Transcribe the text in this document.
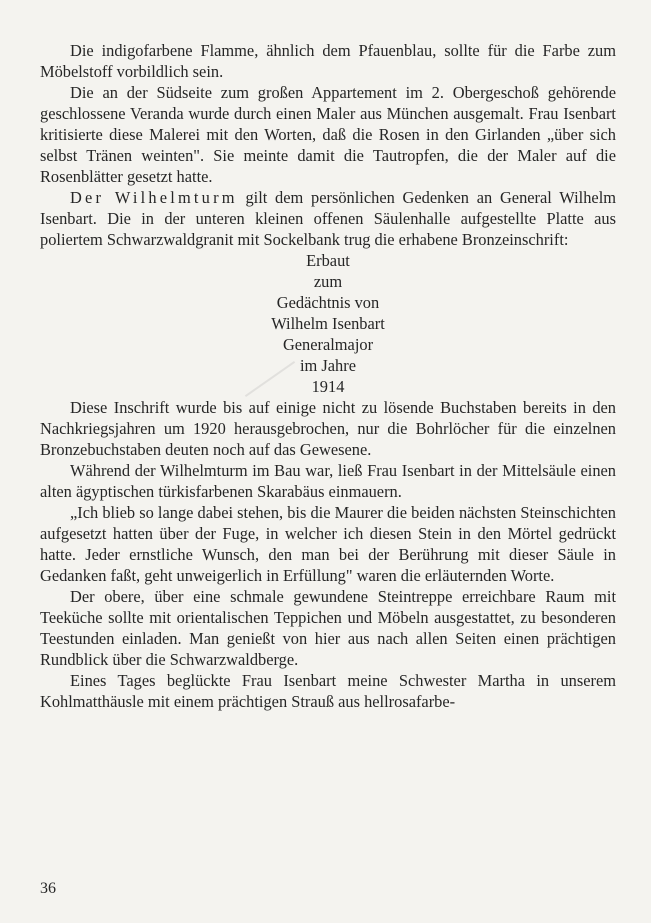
Die indigofarbene Flamme, ähnlich dem Pfauenblau, sollte für die Farbe zum Möbelstoff vorbildlich sein.

Die an der Südseite zum großen Appartement im 2. Obergeschoß gehörende geschlossene Veranda wurde durch einen Maler aus München ausgemalt. Frau Isenbart kritisierte diese Malerei mit den Worten, daß die Rosen in den Girlanden „über sich selbst Tränen weinten". Sie meinte damit die Tautropfen, die der Maler auf die Rosenblätter gesetzt hatte.

Der Wilhelmturm gilt dem persönlichen Gedenken an General Wilhelm Isenbart. Die in der unteren kleinen offenen Säulenhalle aufgestellte Platte aus poliertem Schwarzwaldgranit mit Sockelbank trug die erhabene Bronzeinschrift:

Erbaut
zum
Gedächtnis von
Wilhelm Isenbart
Generalmajor
im Jahre
1914

Diese Inschrift wurde bis auf einige nicht zu lösende Buchstaben bereits in den Nachkriegsjahren um 1920 herausgebrochen, nur die Bohrlöcher für die einzelnen Bronzebuchstaben deuten noch auf das Gewesene.

Während der Wilhelmturm im Bau war, ließ Frau Isenbart in der Mittelsäule einen alten ägyptischen türkisfarbenen Skarabäus einmauern.

„Ich blieb so lange dabei stehen, bis die Maurer die beiden nächsten Steinschichten aufgesetzt hatten über der Fuge, in welcher ich diesen Stein in den Mörtel gedrückt hatte. Jeder ernstliche Wunsch, den man bei der Berührung mit dieser Säule in Gedanken faßt, geht unweigerlich in Erfüllung" waren die erläuternden Worte.

Der obere, über eine schmale gewundene Steintreppe erreichbare Raum mit Teeküche sollte mit orientalischen Teppichen und Möbeln ausgestattet, zu besonderen Teestunden einladen. Man genießt von hier aus nach allen Seiten einen prächtigen Rundblick über die Schwarzwaldberge.

Eines Tages beglückte Frau Isenbart meine Schwester Martha in unserem Kohlmatthäusle mit einem prächtigen Strauß aus hellrosafarbe-

36
